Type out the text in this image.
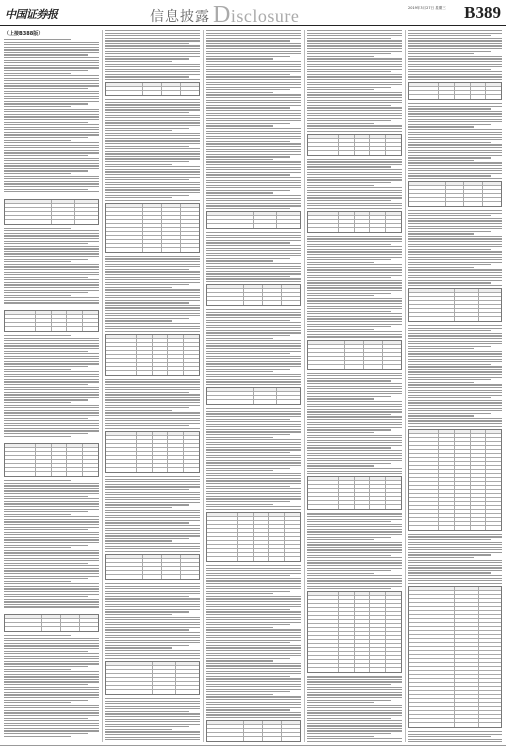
中国证券报	信息披露 Disclosure	2019年3月27日 星期三 B389
（上接B388版）
